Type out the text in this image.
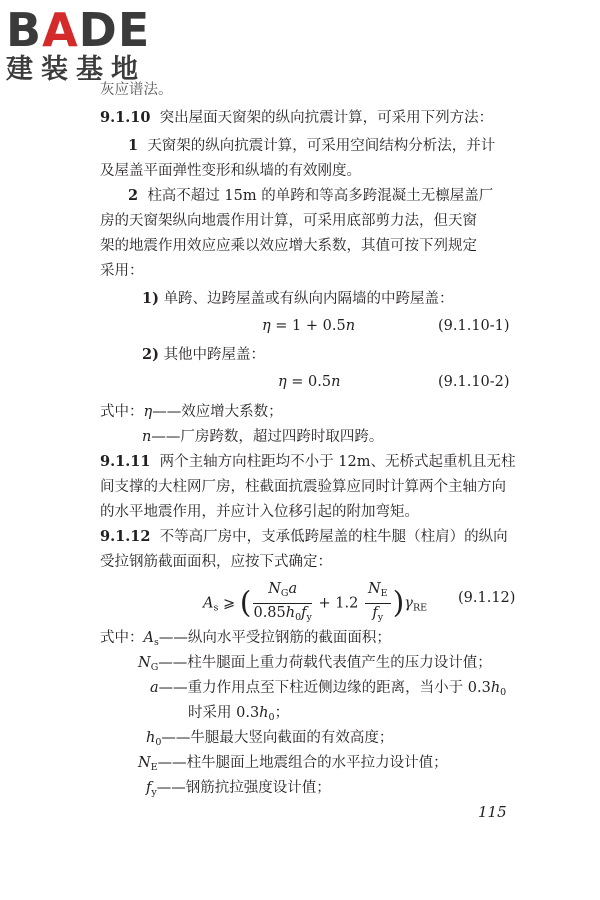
BADE
建装基地
灰应谱法。
9.1.10 突出屋面天窗架的纵向抗震计算，可采用下列方法：
1 天窗架的纵向抗震计算，可采用空间结构分析法，并计
及屋盖平面弹性变形和纵墙的有效刚度。
2 柱高不超过 15m 的单跨和等高多跨混凝土无檩屋盖厂
房的天窗架纵向地震作用计算，可采用底部剪力法，但天窗
架的地震作用效应应乘以效应增大系数，其值可按下列规定
采用：
1) 单跨、边跨屋盖或有纵向内隔墙的中跨屋盖：
η = 1 + 0.5n	(9.1.10-1)
2) 其他中跨屋盖：
η = 0.5n	(9.1.10-2)
式中：η——效应增大系数；
n——厂房跨数，超过四跨时取四跨。
9.1.11 两个主轴方向柱距均不小于 12m、无桥式起重机且无柱
间支撑的大柱网厂房，柱截面抗震验算应同时计算两个主轴方向
的水平地震作用，并应计入位移引起的附加弯矩。
9.1.12 不等高厂房中，支承低跨屋盖的柱牛腿（柱肩）的纵向
受拉钢筋截面面积，应按下式确定：
$A_s$ ⩾ ( $\frac{N_Ga}{0.85h_0f_y} + 1.2 \frac{N_E}{f_y} )\gamma_{RE}$
(9.1.12)
式中：$A_s——$纵向水平受拉钢筋的截面面积；
$N_G——$柱牛腿面上重力荷载代表值产生的压力设计值；
a——重力作用点至下柱近侧边缘的距离，当小于 $0.3h_0$
时采用 $0.3h_0$；
$h_0——$牛腿最大竖向截面的有效高度；
$N_E——$柱牛腿面上地震组合的水平拉力设计值；
$f_y——$钢筋抗拉强度设计值；
115
